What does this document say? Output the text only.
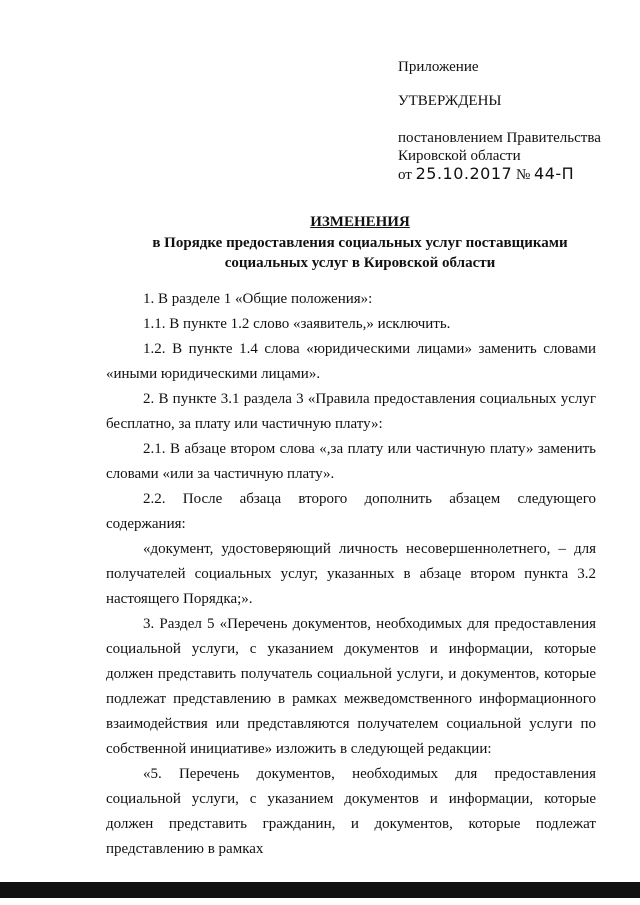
Приложение
УТВЕРЖДЕНЫ
постановлением Правительства
Кировской области
от 25.10.2017 № 44-П
ИЗМЕНЕНИЯ
в Порядке предоставления социальных услуг поставщиками
социальных услуг в Кировской области

1. В разделе 1 «Общие положения»:

1.1. В пункте 1.2 слово «заявитель,» исключить.

1.2. В пункте 1.4 слова «юридическими лицами» заменить словами «иными юридическими лицами».

2. В пункте 3.1 раздела 3 «Правила предоставления социальных услуг бесплатно, за плату или частичную плату»:

2.1. В абзаце втором слова «,за плату или частичную плату» заменить словами «или за частичную плату».

2.2. После абзаца второго дополнить абзацем следующего содержания:

«документ, удостоверяющий личность несовершеннолетнего, – для получателей социальных услуг, указанных в абзаце втором пункта 3.2 настоящего Порядка;».

3. Раздел 5 «Перечень документов, необходимых для предоставления социальной услуги, с указанием документов и информации, которые должен представить получатель социальной услуги, и документов, которые подлежат представлению в рамках межведомственного информационного взаимодействия или представляются получателем социальной услуги по собственной инициативе» изложить в следующей редакции:

«5. Перечень документов, необходимых для предоставления социальной услуги, с указанием документов и информации, которые должен представить гражданин, и документов, которые подлежат представлению в рамках
